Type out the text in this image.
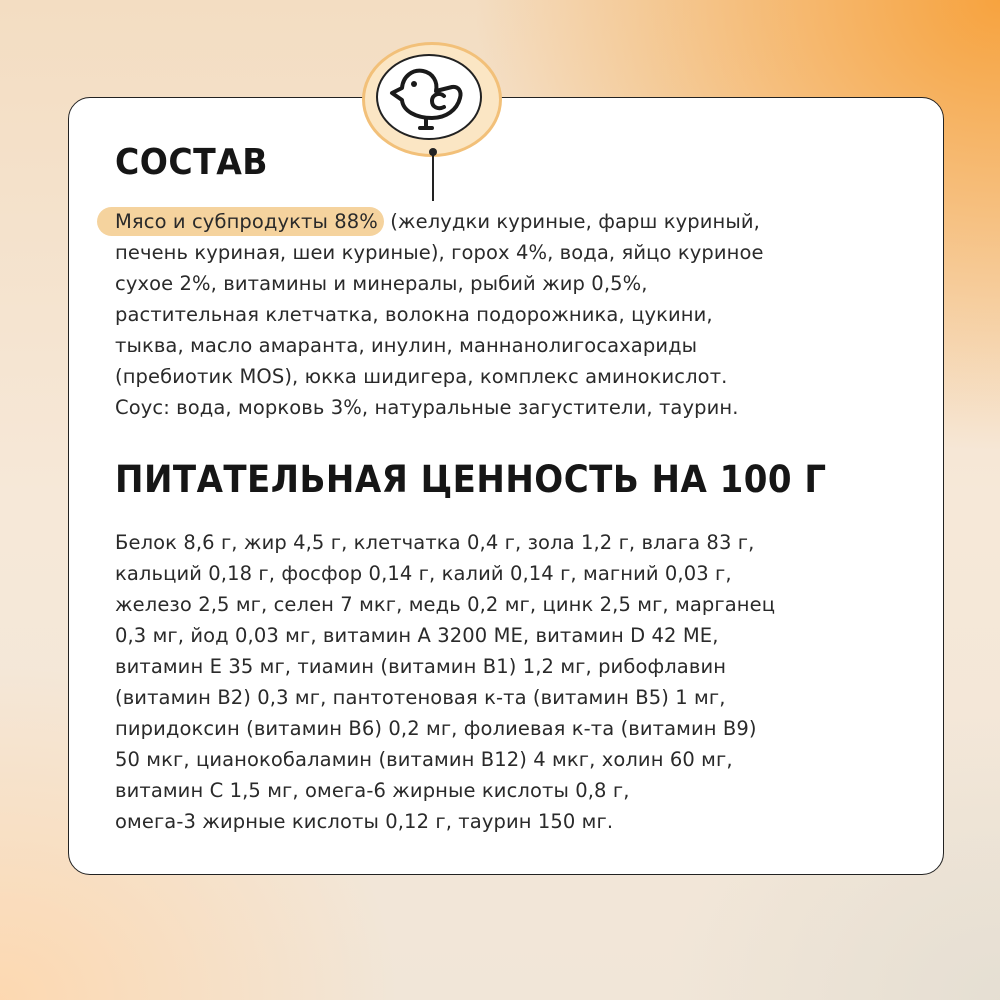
СОСТАВ
Мясо и субпродукты 88% (желудки куриные, фарш куриный,
печень куриная, шеи куриные), горох 4%, вода, яйцо куриное
сухое 2%, витамины и минералы, рыбий жир 0,5%,
растительная клетчатка, волокна подорожника, цукини,
тыква, масло амаранта, инулин, маннанолигосахариды
(пребиотик MOS), юкка шидигера, комплекс аминокислот.
Соус: вода, морковь 3%, натуральные загустители, таурин.
ПИТАТЕЛЬНАЯ ЦЕННОСТЬ НА 100 Г
Белок 8,6 г, жир 4,5 г, клетчатка 0,4 г, зола 1,2 г, влага 83 г,
кальций 0,18 г, фосфор 0,14 г, калий 0,14 г, магний 0,03 г,
железо 2,5 мг, селен 7 мкг, медь 0,2 мг, цинк 2,5 мг, марганец
0,3 мг, йод 0,03 мг, витамин А 3200 МЕ, витамин D 42 МЕ,
витамин Е 35 мг, тиамин (витамин В1) 1,2 мг, рибофлавин
(витамин В2) 0,3 мг, пантотеновая к-та (витамин В5) 1 мг,
пиридоксин (витамин В6) 0,2 мг, фолиевая к-та (витамин В9)
50 мкг, цианокобаламин (витамин В12) 4 мкг, холин 60 мг,
витамин С 1,5 мг, омега-6 жирные кислоты 0,8 г,
омега-3 жирные кислоты 0,12 г, таурин 150 мг.
